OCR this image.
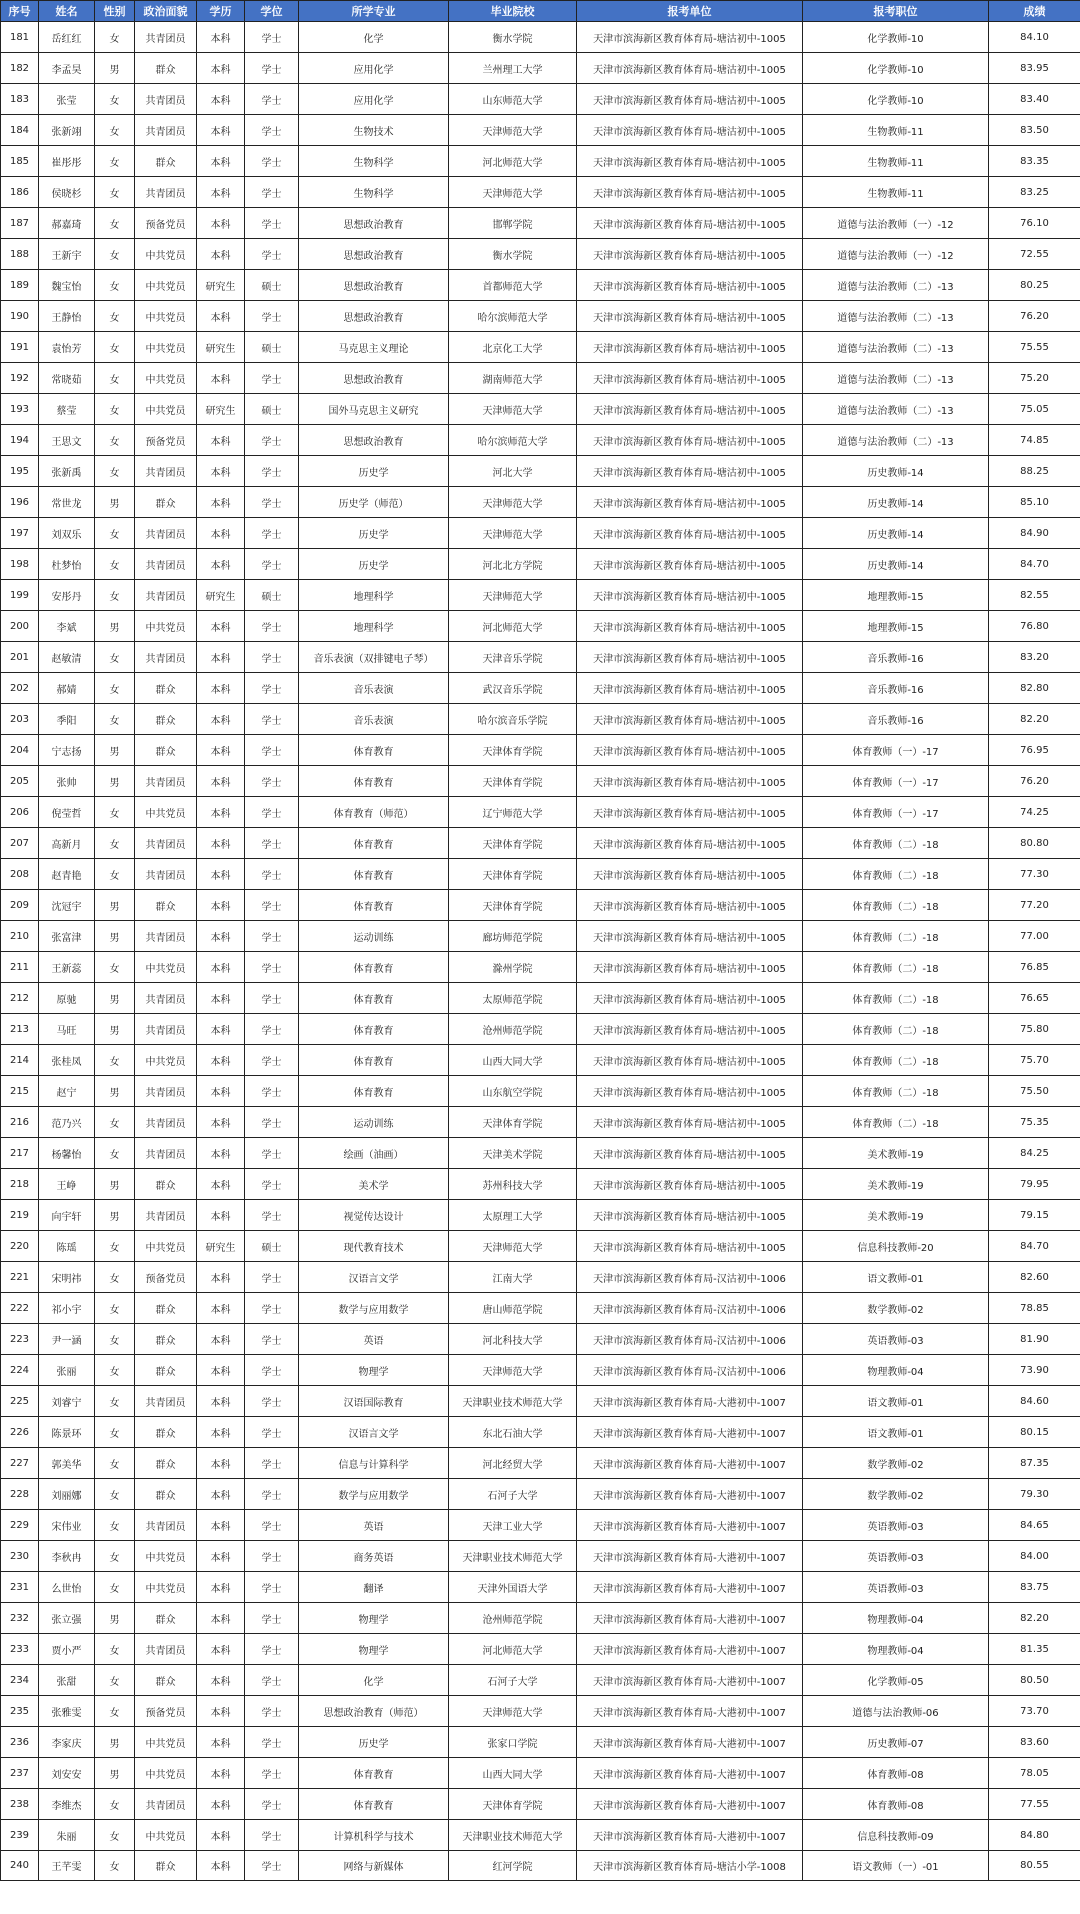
序号	姓名	性别	政治面貌	学历	学位	所学专业	毕业院校	报考单位	报考职位	成绩
181	岳红红	女	共青团员	本科	学士	化学	衡水学院	天津市滨海新区教育体育局-塘沽初中-1005	化学教师-10	84.10
182	李孟昊	男	群众	本科	学士	应用化学	兰州理工大学	天津市滨海新区教育体育局-塘沽初中-1005	化学教师-10	83.95
183	张莹	女	共青团员	本科	学士	应用化学	山东师范大学	天津市滨海新区教育体育局-塘沽初中-1005	化学教师-10	83.40
184	张新翊	女	共青团员	本科	学士	生物技术	天津师范大学	天津市滨海新区教育体育局-塘沽初中-1005	生物教师-11	83.50
185	崔彤彤	女	群众	本科	学士	生物科学	河北师范大学	天津市滨海新区教育体育局-塘沽初中-1005	生物教师-11	83.35
186	侯晓杉	女	共青团员	本科	学士	生物科学	天津师范大学	天津市滨海新区教育体育局-塘沽初中-1005	生物教师-11	83.25
187	郝嘉琦	女	预备党员	本科	学士	思想政治教育	邯郸学院	天津市滨海新区教育体育局-塘沽初中-1005	道德与法治教师（一）-12	76.10
188	王新宇	女	中共党员	本科	学士	思想政治教育	衡水学院	天津市滨海新区教育体育局-塘沽初中-1005	道德与法治教师（一）-12	72.55
189	魏宝怡	女	中共党员	研究生	硕士	思想政治教育	首都师范大学	天津市滨海新区教育体育局-塘沽初中-1005	道德与法治教师（二）-13	80.25
190	王静怡	女	中共党员	本科	学士	思想政治教育	哈尔滨师范大学	天津市滨海新区教育体育局-塘沽初中-1005	道德与法治教师（二）-13	76.20
191	袁怡芳	女	中共党员	研究生	硕士	马克思主义理论	北京化工大学	天津市滨海新区教育体育局-塘沽初中-1005	道德与法治教师（二）-13	75.55
192	常晓茹	女	中共党员	本科	学士	思想政治教育	湖南师范大学	天津市滨海新区教育体育局-塘沽初中-1005	道德与法治教师（二）-13	75.20
193	蔡莹	女	中共党员	研究生	硕士	国外马克思主义研究	天津师范大学	天津市滨海新区教育体育局-塘沽初中-1005	道德与法治教师（二）-13	75.05
194	王思文	女	预备党员	本科	学士	思想政治教育	哈尔滨师范大学	天津市滨海新区教育体育局-塘沽初中-1005	道德与法治教师（二）-13	74.85
195	张新禹	女	共青团员	本科	学士	历史学	河北大学	天津市滨海新区教育体育局-塘沽初中-1005	历史教师-14	88.25
196	常世龙	男	群众	本科	学士	历史学（师范）	天津师范大学	天津市滨海新区教育体育局-塘沽初中-1005	历史教师-14	85.10
197	刘双乐	女	共青团员	本科	学士	历史学	天津师范大学	天津市滨海新区教育体育局-塘沽初中-1005	历史教师-14	84.90
198	杜梦怡	女	共青团员	本科	学士	历史学	河北北方学院	天津市滨海新区教育体育局-塘沽初中-1005	历史教师-14	84.70
199	安彤丹	女	共青团员	研究生	硕士	地理科学	天津师范大学	天津市滨海新区教育体育局-塘沽初中-1005	地理教师-15	82.55
200	李斌	男	中共党员	本科	学士	地理科学	河北师范大学	天津市滨海新区教育体育局-塘沽初中-1005	地理教师-15	76.80
201	赵敏清	女	共青团员	本科	学士	音乐表演（双排键电子琴）	天津音乐学院	天津市滨海新区教育体育局-塘沽初中-1005	音乐教师-16	83.20
202	郝婧	女	群众	本科	学士	音乐表演	武汉音乐学院	天津市滨海新区教育体育局-塘沽初中-1005	音乐教师-16	82.80
203	季阳	女	群众	本科	学士	音乐表演	哈尔滨音乐学院	天津市滨海新区教育体育局-塘沽初中-1005	音乐教师-16	82.20
204	宁志扬	男	群众	本科	学士	体育教育	天津体育学院	天津市滨海新区教育体育局-塘沽初中-1005	体育教师（一）-17	76.95
205	张帅	男	共青团员	本科	学士	体育教育	天津体育学院	天津市滨海新区教育体育局-塘沽初中-1005	体育教师（一）-17	76.20
206	倪莹哲	女	中共党员	本科	学士	体育教育（师范）	辽宁师范大学	天津市滨海新区教育体育局-塘沽初中-1005	体育教师（一）-17	74.25
207	高新月	女	共青团员	本科	学士	体育教育	天津体育学院	天津市滨海新区教育体育局-塘沽初中-1005	体育教师（二）-18	80.80
208	赵青艳	女	共青团员	本科	学士	体育教育	天津体育学院	天津市滨海新区教育体育局-塘沽初中-1005	体育教师（二）-18	77.30
209	沈冠宇	男	群众	本科	学士	体育教育	天津体育学院	天津市滨海新区教育体育局-塘沽初中-1005	体育教师（二）-18	77.20
210	张富津	男	共青团员	本科	学士	运动训练	廊坊师范学院	天津市滨海新区教育体育局-塘沽初中-1005	体育教师（二）-18	77.00
211	王新蕊	女	中共党员	本科	学士	体育教育	滁州学院	天津市滨海新区教育体育局-塘沽初中-1005	体育教师（二）-18	76.85
212	原驰	男	共青团员	本科	学士	体育教育	太原师范学院	天津市滨海新区教育体育局-塘沽初中-1005	体育教师（二）-18	76.65
213	马旺	男	共青团员	本科	学士	体育教育	沧州师范学院	天津市滨海新区教育体育局-塘沽初中-1005	体育教师（二）-18	75.80
214	张桂凤	女	中共党员	本科	学士	体育教育	山西大同大学	天津市滨海新区教育体育局-塘沽初中-1005	体育教师（二）-18	75.70
215	赵宁	男	共青团员	本科	学士	体育教育	山东航空学院	天津市滨海新区教育体育局-塘沽初中-1005	体育教师（二）-18	75.50
216	范乃兴	女	共青团员	本科	学士	运动训练	天津体育学院	天津市滨海新区教育体育局-塘沽初中-1005	体育教师（二）-18	75.35
217	杨馨怡	女	共青团员	本科	学士	绘画（油画）	天津美术学院	天津市滨海新区教育体育局-塘沽初中-1005	美术教师-19	84.25
218	王峥	男	群众	本科	学士	美术学	苏州科技大学	天津市滨海新区教育体育局-塘沽初中-1005	美术教师-19	79.95
219	向宇轩	男	共青团员	本科	学士	视觉传达设计	太原理工大学	天津市滨海新区教育体育局-塘沽初中-1005	美术教师-19	79.15
220	陈瑶	女	中共党员	研究生	硕士	现代教育技术	天津师范大学	天津市滨海新区教育体育局-塘沽初中-1005	信息科技教师-20	84.70
221	宋明祎	女	预备党员	本科	学士	汉语言文学	江南大学	天津市滨海新区教育体育局-汉沽初中-1006	语文教师-01	82.60
222	祁小宇	女	群众	本科	学士	数学与应用数学	唐山师范学院	天津市滨海新区教育体育局-汉沽初中-1006	数学教师-02	78.85
223	尹一涵	女	群众	本科	学士	英语	河北科技大学	天津市滨海新区教育体育局-汉沽初中-1006	英语教师-03	81.90
224	张丽	女	群众	本科	学士	物理学	天津师范大学	天津市滨海新区教育体育局-汉沽初中-1006	物理教师-04	73.90
225	刘睿宁	女	共青团员	本科	学士	汉语国际教育	天津职业技术师范大学	天津市滨海新区教育体育局-大港初中-1007	语文教师-01	84.60
226	陈景环	女	群众	本科	学士	汉语言文学	东北石油大学	天津市滨海新区教育体育局-大港初中-1007	语文教师-01	80.15
227	郭美华	女	群众	本科	学士	信息与计算科学	河北经贸大学	天津市滨海新区教育体育局-大港初中-1007	数学教师-02	87.35
228	刘丽娜	女	群众	本科	学士	数学与应用数学	石河子大学	天津市滨海新区教育体育局-大港初中-1007	数学教师-02	79.30
229	宋伟业	女	共青团员	本科	学士	英语	天津工业大学	天津市滨海新区教育体育局-大港初中-1007	英语教师-03	84.65
230	李秋冉	女	中共党员	本科	学士	商务英语	天津职业技术师范大学	天津市滨海新区教育体育局-大港初中-1007	英语教师-03	84.00
231	么世怡	女	中共党员	本科	学士	翻译	天津外国语大学	天津市滨海新区教育体育局-大港初中-1007	英语教师-03	83.75
232	张立强	男	群众	本科	学士	物理学	沧州师范学院	天津市滨海新区教育体育局-大港初中-1007	物理教师-04	82.20
233	贾小严	女	共青团员	本科	学士	物理学	河北师范大学	天津市滨海新区教育体育局-大港初中-1007	物理教师-04	81.35
234	张甜	女	群众	本科	学士	化学	石河子大学	天津市滨海新区教育体育局-大港初中-1007	化学教师-05	80.50
235	张雅雯	女	预备党员	本科	学士	思想政治教育（师范）	天津师范大学	天津市滨海新区教育体育局-大港初中-1007	道德与法治教师-06	73.70
236	李家庆	男	中共党员	本科	学士	历史学	张家口学院	天津市滨海新区教育体育局-大港初中-1007	历史教师-07	83.60
237	刘安安	男	中共党员	本科	学士	体育教育	山西大同大学	天津市滨海新区教育体育局-大港初中-1007	体育教师-08	78.05
238	李维杰	女	共青团员	本科	学士	体育教育	天津体育学院	天津市滨海新区教育体育局-大港初中-1007	体育教师-08	77.55
239	朱丽	女	中共党员	本科	学士	计算机科学与技术	天津职业技术师范大学	天津市滨海新区教育体育局-大港初中-1007	信息科技教师-09	84.80
240	王芊雯	女	群众	本科	学士	网络与新媒体	红河学院	天津市滨海新区教育体育局-塘沽小学-1008	语文教师（一）-01	80.55
